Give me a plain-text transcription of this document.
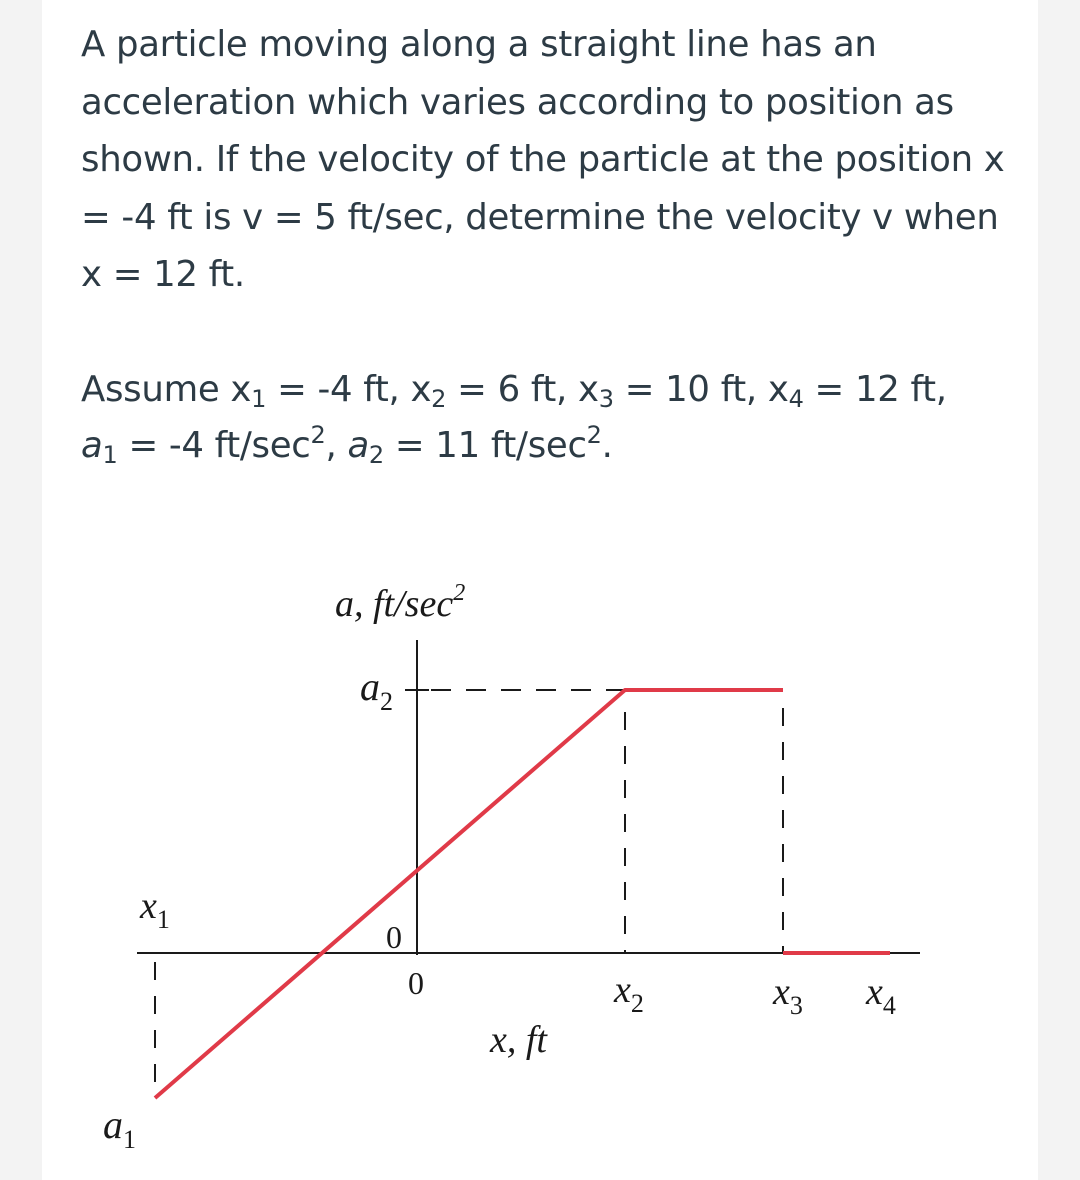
A particle moving along a straight line has an acceleration which varies according to position as shown. If the velocity of the particle at the position x = -4 ft is v = 5 ft/sec, determine the velocity v when x = 12 ft.

Assume $x_1 = -4$ ft, $x_2 = 6$ ft, $x_3 = 10$ ft, $x_4 = 12$ ft,
$a_1 = -4$ $ft/\sec^2$, $a_2 = 11$ $ft/\sec^2$.

a, $ft/\sec^2$
$a_2$
0
0
$x_1$
$x_2$	$x_3$ $x_4$
x, ft
$a_1$
